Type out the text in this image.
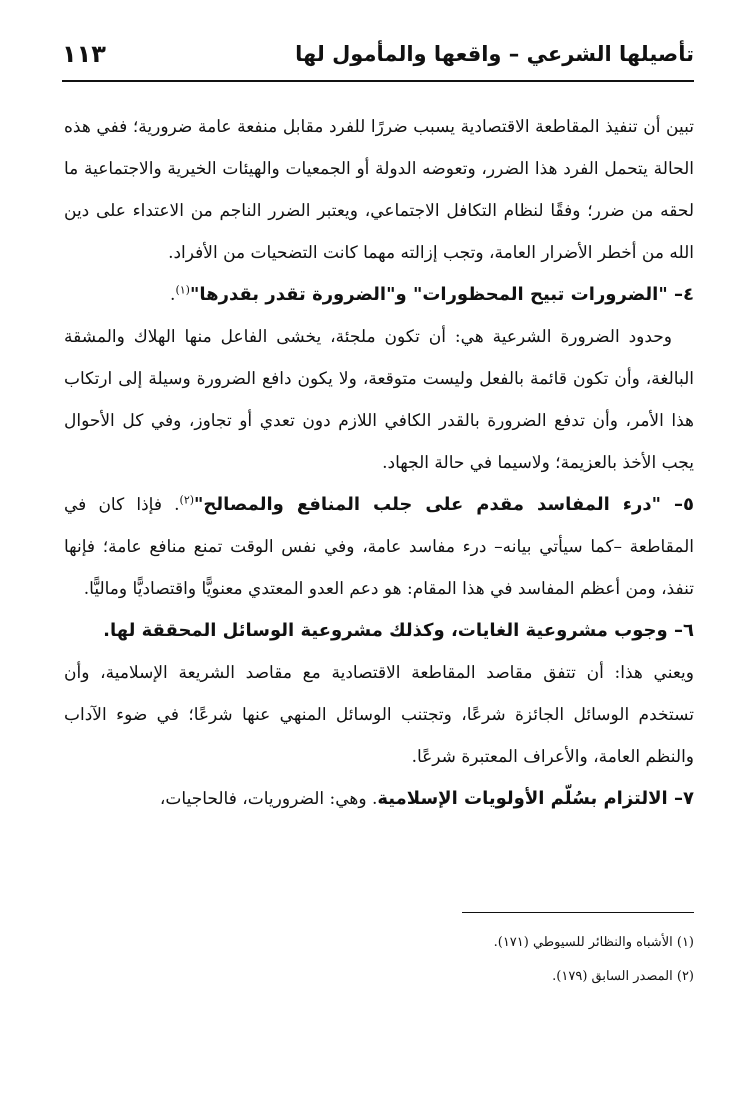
تأصيلها الشرعي – واقعها والمأمول لها
١١٣

تبين أن تنفيذ المقاطعة الاقتصادية يسبب ضررًا للفرد مقابل منفعة عامة ضرورية؛ ففي هذه الحالة يتحمل الفرد هذا الضرر، وتعوضه الدولة أو الجمعيات والهيئات الخيرية والاجتماعية ما لحقه من ضرر؛ وفقًا لنظام التكافل الاجتماعي، ويعتبر الضرر الناجم من الاعتداء على دين الله من أخطر الأضرار العامة، وتجب إزالته مهما كانت التضحيات من الأفراد.

٤– "الضرورات تبيح المحظورات" و"الضرورة تقدر بقدرها"$^{(١)}$.

وحدود الضرورة الشرعية هي: أن تكون ملجئة، يخشى الفاعل منها الهلاك والمشقة البالغة، وأن تكون قائمة بالفعل وليست متوقعة، ولا يكون دافع الضرورة وسيلة إلى ارتكاب هذا الأمر، وأن تدفع الضرورة بالقدر الكافي اللازم دون تعدي أو تجاوز، وفي كل الأحوال يجب الأخذ بالعزيمة؛ ولاسيما في حالة الجهاد.

٥– "درء المفاسد مقدم على جلب المنافع والمصالح"$^{(٢)}$. فإذا كان في المقاطعة –كما سيأتي بيانه– درء مفاسد عامة، وفي نفس الوقت تمنع منافع عامة؛ فإنها تنفذ، ومن أعظم المفاسد في هذا المقام: هو دعم العدو المعتدي معنويًّا واقتصاديًّا وماليًّا.

٦– وجوب مشروعية الغايات، وكذلك مشروعية الوسائل المحققة لها.

ويعني هذا: أن تتفق مقاصد المقاطعة الاقتصادية مع مقاصد الشريعة الإسلامية، وأن تستخدم الوسائل الجائزة شرعًا، وتجتنب الوسائل المنهي عنها شرعًا؛ في ضوء الآداب والنظم العامة، والأعراف المعتبرة شرعًا.

٧– الالتزام بسُلّم الأولويات الإسلامية. وهي: الضروريات، فالحاجيات،

(١) الأشباه والنظائر للسيوطي (١٧١).

(٢) المصدر السابق (١٧٩).
